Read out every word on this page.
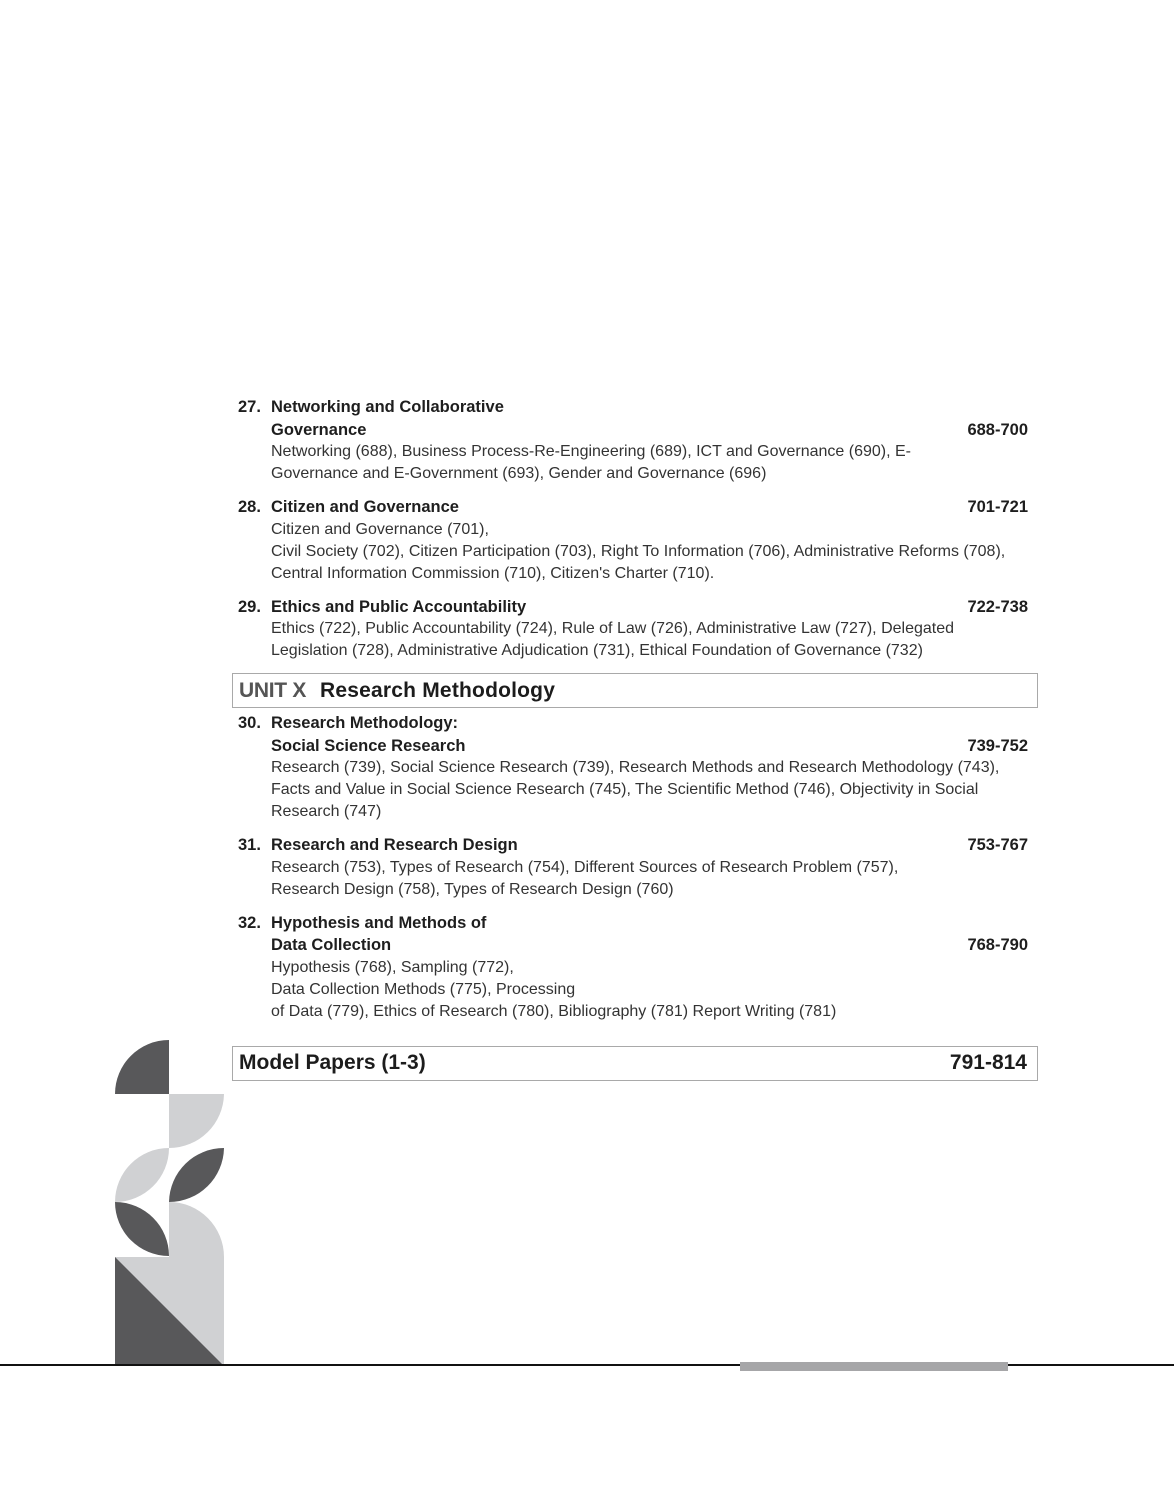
27. Networking and Collaborative
Governance	688-700
Networking (688), Business Process-Re-Engineering (689), ICT and Governance (690), E-Governance and E-Government (693), Gender and Governance (696)
28. Citizen and Governance	701-721
Citizen and Governance (701),
Civil Society (702), Citizen Participation (703), Right To Information (706), Administrative Reforms (708), Central Information Commission (710), Citizen's Charter (710).
29. Ethics and Public Accountability	722-738
Ethics (722), Public Accountability (724), Rule of Law (726), Administrative Law (727), Delegated Legislation (728), Administrative Adjudication (731), Ethical Foundation of Governance (732)
UNIT X Research Methodology
30. Research Methodology:
Social Science Research	739-752
Research (739), Social Science Research (739), Research Methods and Research Methodology (743), Facts and Value in Social Science Research (745), The Scientific Method (746), Objectivity in Social Research (747)
31. Research and Research Design	753-767
Research (753), Types of Research (754), Different Sources of Research Problem (757), Research Design (758), Types of Research Design (760)
32. Hypothesis and Methods of
Data Collection	768-790
Hypothesis (768), Sampling (772),
Data Collection Methods (775), Processing
of Data (779), Ethics of Research (780), Bibliography (781) Report Writing (781)
Model Papers (1-3)	791-814
